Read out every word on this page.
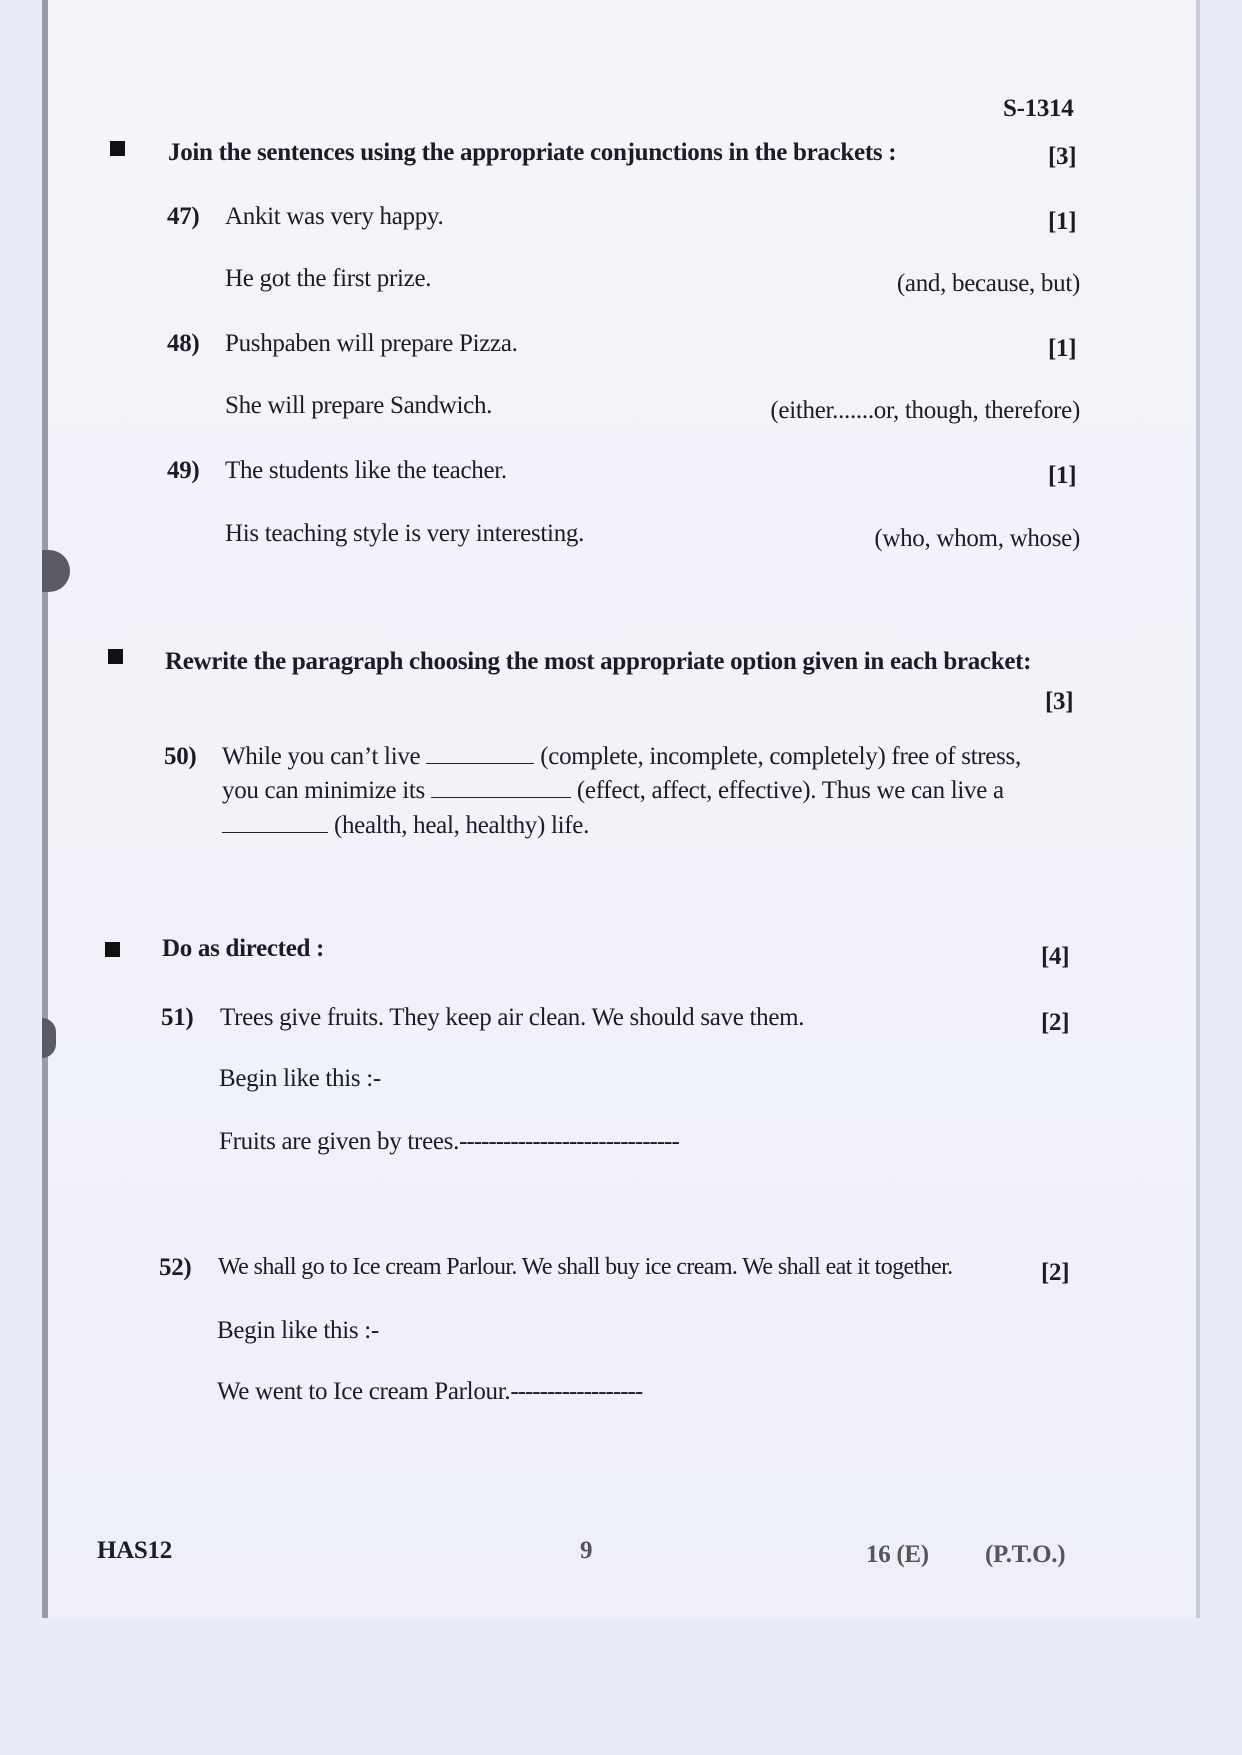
S-1314
Join the sentences using the appropriate conjunctions in the brackets :	[3]
47) Ankit was very happy.	[1]
He got the first prize.	(and, because, but)
48) Pushpaben will prepare Pizza.	[1]
She will prepare Sandwich.	(either.......or, though, therefore)
49) The students like the teacher.	[1]
His teaching style is very interesting.	(who, whom, whose)
Rewrite the paragraph choosing the most appropriate option given in each bracket:
[3]
50) While you can’t live	(complete, incomplete, completely) free of stress,
you can minimize its	(effect, affect, effective). Thus we can live a
(health, heal, healthy) life.
Do as directed :	[4]
51) Trees give fruits. They keep air clean. We should save them.	[2]
Begin like this :-
Fruits are given by trees.------------------------------
52) We shall go to Ice cream Parlour. We shall buy ice cream. We shall eat it together.	[2]
Begin like this :-
We went to Ice cream Parlour.------------------
HAS12	9	16 (E) (P.T.O.)
